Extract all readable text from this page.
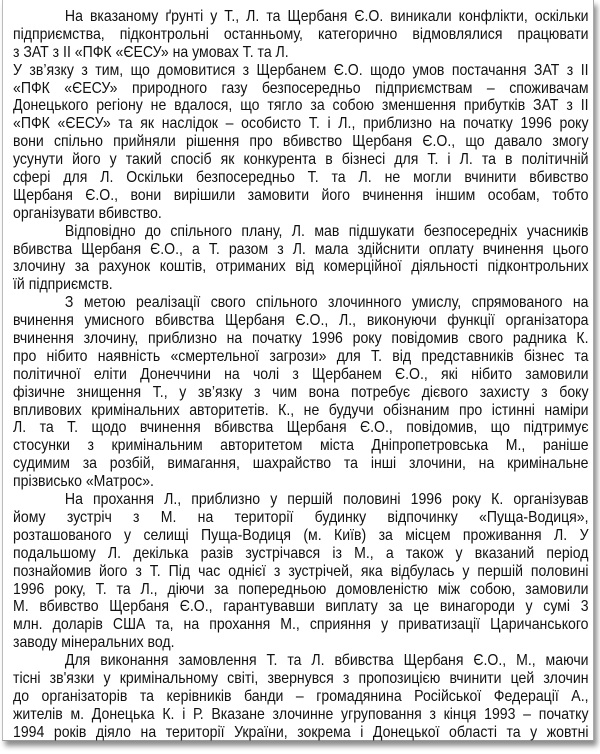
На вказаному ґрунті у Т., Л. та Щербаня Є.О. виникали конфлікти, оскільки
підприємства, підконтрольні останньому, категорично відмовлялися працювати
з ЗАТ з ІІ «ПФК «ЄЕСУ» на умовах Т. та Л.
У зв’язку з тим, що домовитися з Щербанем Є.О. щодо умов постачання ЗАТ з ІІ
«ПФК «ЄЕСУ» природного газу безпосередньо підприємствам – споживачам
Донецького регіону не вдалося, що тягло за собою зменшення прибутків ЗАТ з ІІ
«ПФК «ЄЕСУ» та як наслідок – особисто Т. і Л., приблизно на початку 1996 року
вони спільно прийняли рішення про вбивство Щербаня Є.О., що давало змогу
усунути його у такий спосіб як конкурента в бізнесі для Т. і Л. та в політичній
сфері для Л. Оскільки безпосередньо Т. та Л. не могли вчинити вбивство
Щербаня Є.О., вони вирішили замовити його вчинення іншим особам, тобто
організувати вбивство.
Відповідно до спільного плану, Л. мав підшукати безпосередніх учасників
вбивства Щербаня Є.О., а Т. разом з Л. мала здійснити оплату вчинення цього
злочину за рахунок коштів, отриманих від комерційної діяльності підконтрольних
їй підприємств.
З метою реалізації свого спільного злочинного умислу, спрямованого на
вчинення умисного вбивства Щербаня Є.О., Л., виконуючи функції організатора
вчинення злочину, приблизно на початку 1996 року повідомив свого радника К.
про нібито наявність «смертельної загрози» для Т. від представників бізнес та
політичної еліти Донеччини на чолі з Щербанем Є.О., які нібито замовили
фізичне знищення Т., у зв’язку з чим вона потребує дієвого захисту з боку
впливових кримінальних авторитетів. К., не будучи обізнаним про істинні наміри
Л. та Т. щодо вчинення вбивства Щербаня Є.О., повідомив, що підтримує
стосунки з кримінальним авторитетом міста Дніпропетровська М., раніше
судимим за розбій, вимагання, шахрайство та інші злочини, на кримінальне
прізвисько «Матрос».
На прохання Л., приблизно у першій половині 1996 року К. організував
йому зустріч з М. на території будинку відпочинку «Пуща-Водиця»,
розташованого у селищі Пуща-Водиця (м. Київ) за місцем проживання Л. У
подальшому Л. декілька разів зустрічався із М., а також у вказаний період
познайомив його з Т. Під час однієї з зустрічей, яка відбулась у першій половині
1996 року, Т. та Л., діючи за попередньою домовленістю між собою, замовили
М. вбивство Щербаня Є.О., гарантувавши виплату за це винагороди у сумі 3
млн. доларів США та, на прохання М., сприяння у приватизації Царичанського
заводу мінеральних вод.
Для виконання замовлення Т. та Л. вбивства Щербаня Є.О., М., маючи
тісні зв'язки у кримінальному світі, звернувся з пропозицією вчинити цей злочин
до організаторів та керівників банди – громадянина Російської Федерації А.,
жителів м. Донецька К. і Р. Вказане злочинне угруповання з кінця 1993 – початку
1994 років діяло на території України, зокрема і Донецької області та у жовтні
